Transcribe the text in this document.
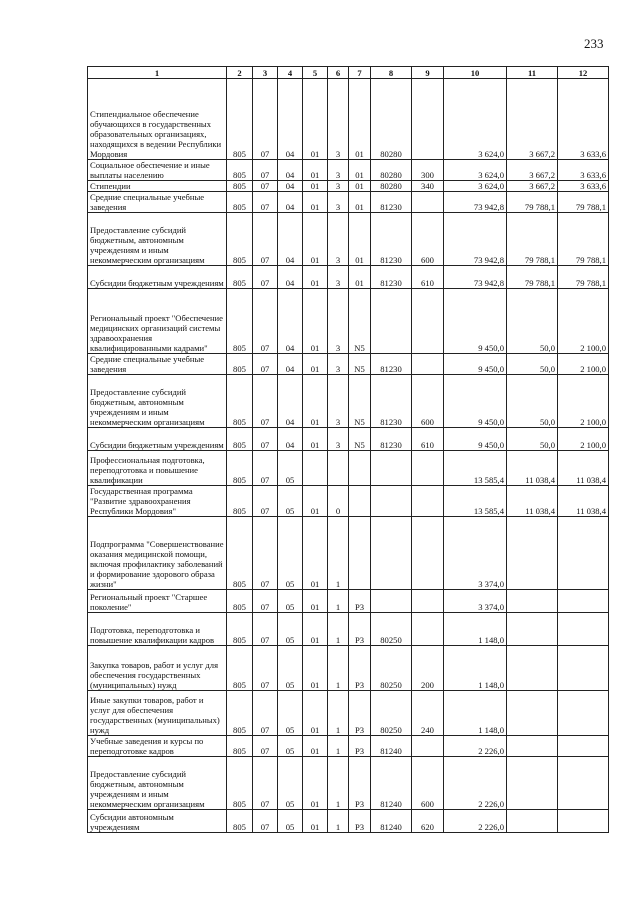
233
1	2	3	4	5	6	7	8	9	10	11	12
Стипендиальное обеспечение обучающихся в государственных образовательных организациях, находящихся в ведении Республики Мордовия	805	07	04	01	3	01	80280		3 624,0	3 667,2	3 633,6
Социальное обеспечение и иные выплаты населению	805	07	04	01	3	01	80280	300	3 624,0	3 667,2	3 633,6
Стипендии	805	07	04	01	3	01	80280	340	3 624,0	3 667,2	3 633,6
Средние специальные учебные заведения	805	07	04	01	3	01	81230		73 942,8	79 788,1	79 788,1
Предоставление субсидий бюджетным, автономным учреждениям и иным некоммерческим организациям	805	07	04	01	3	01	81230	600	73 942,8	79 788,1	79 788,1
Субсидии бюджетным учреждениям	805	07	04	01	3	01	81230	610	73 942,8	79 788,1	79 788,1
Региональный проект "Обеспечение медицинских организаций системы здравоохранения квалифицированными кадрами"	805	07	04	01	3	N5			9 450,0	50,0	2 100,0
Средние специальные учебные заведения	805	07	04	01	3	N5	81230		9 450,0	50,0	2 100,0
Предоставление субсидий бюджетным, автономным учреждениям и иным некоммерческим организациям	805	07	04	01	3	N5	81230	600	9 450,0	50,0	2 100,0
Субсидии бюджетным учреждениям	805	07	04	01	3	N5	81230	610	9 450,0	50,0	2 100,0
Профессиональная подготовка, переподготовка и повышение квалификации	805	07	05						13 585,4	11 038,4	11 038,4
Государственная программа "Развитие здравоохранения Республики Мордовия"	805	07	05	01	0				13 585,4	11 038,4	11 038,4
Подпрограмма "Совершенствование оказания медицинской помощи, включая профилактику заболеваний и формирование здорового образа жизни"	805	07	05	01	1				3 374,0		
Региональный проект "Старшее поколение"	805	07	05	01	1	P3			3 374,0		
Подготовка, переподготовка и повышение квалификации кадров	805	07	05	01	1	P3	80250		1 148,0		
Закупка товаров, работ и услуг для обеспечения государственных (муниципальных) нужд	805	07	05	01	1	P3	80250	200	1 148,0		
Иные закупки товаров, работ и услуг для обеспечения государственных (муниципальных) нужд	805	07	05	01	1	P3	80250	240	1 148,0		
Учебные заведения и курсы по переподготовке кадров	805	07	05	01	1	P3	81240		2 226,0		
Предоставление субсидий бюджетным, автономным учреждениям и иным некоммерческим организациям	805	07	05	01	1	P3	81240	600	2 226,0		
Субсидии автономным учреждениям	805	07	05	01	1	P3	81240	620	2 226,0		
